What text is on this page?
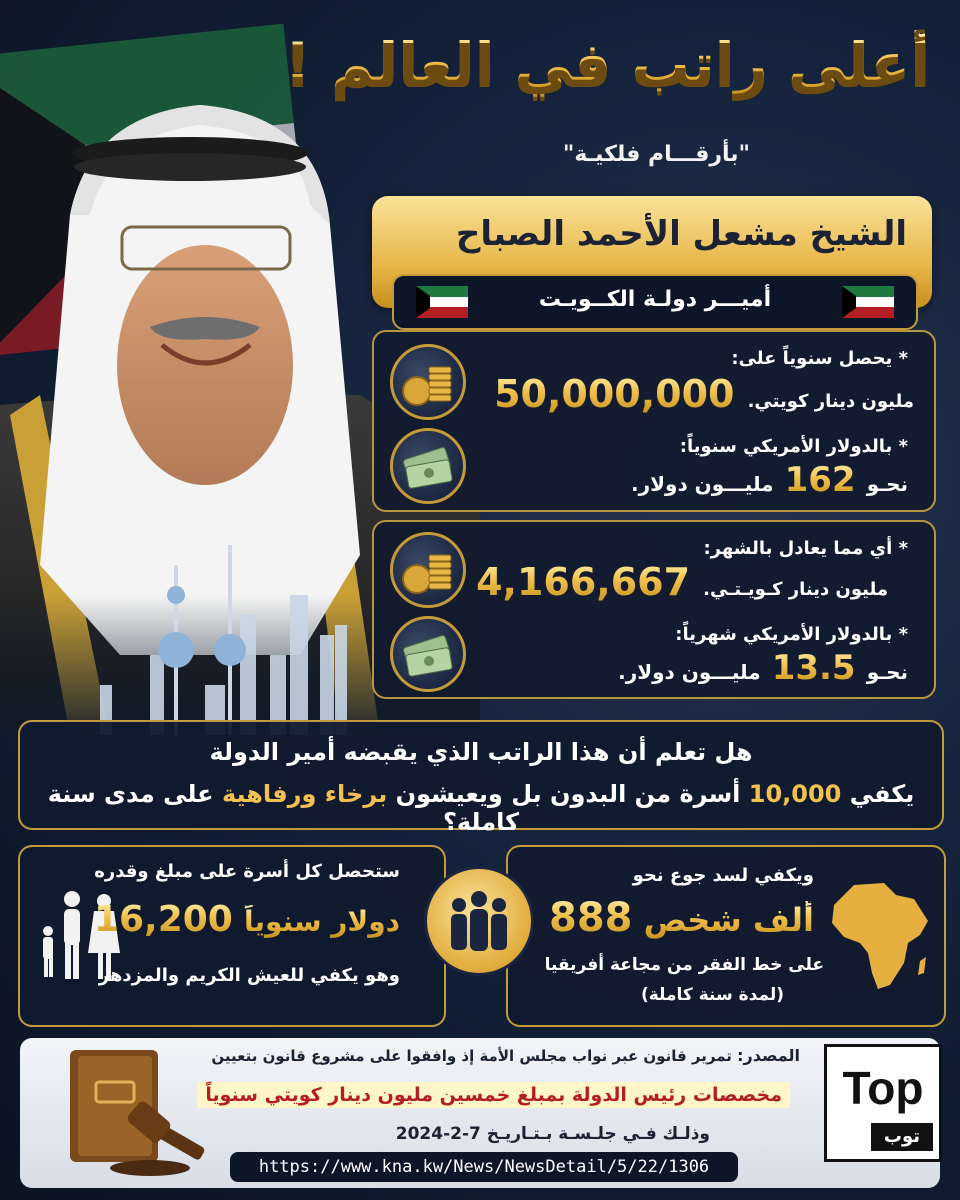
أعلى راتب في العالم !
"بأرقـــام فلكيـة"
الشيخ مشعل الأحمد الصباح
أميـــر دولـة الكــويـت
* يحصل سنوياً على:
مليون دينار كويتي. 50,000,000
* بالدولار الأمريكي سنوياً:
نحـو 162 مليـــون دولار.
* أي مما يعادل بالشهر:
مليون دينار كـويـتـي. 4,166,667
* بالدولار الأمريكي شهرياً:
نحـو 13.5 مليـــون دولار.
هل تعلم أن هذا الراتب الذي يقبضه أمير الدولة
يكفي 10,000 أسرة من البدون بل ويعيشون برخاء ورفاهية على مدى سنة كاملة؟
ستحصل كل أسرة على مبلغ وقدره
دولار سنوياً 16,200
وهو يكفي للعيش الكريم والمزدهر
ويكفي لسد جوع نحو
ألف شخص 888
على خط الفقر من مجاعة أفريقيا
(لمدة سنة كاملة)
المصدر: تمرير قانون عبر نواب مجلس الأمة إذ وافقوا على مشروع قانون بتعيين
مخصصات رئيس الدولة بمبلغ خمسين مليون دينار كويتي سنوياً
وذلـك فـي جلـسـة بـتـاريـخ 7-2-2024
https://www.kna.kw/News/NewsDetail/5/22/1306
Top
توب
